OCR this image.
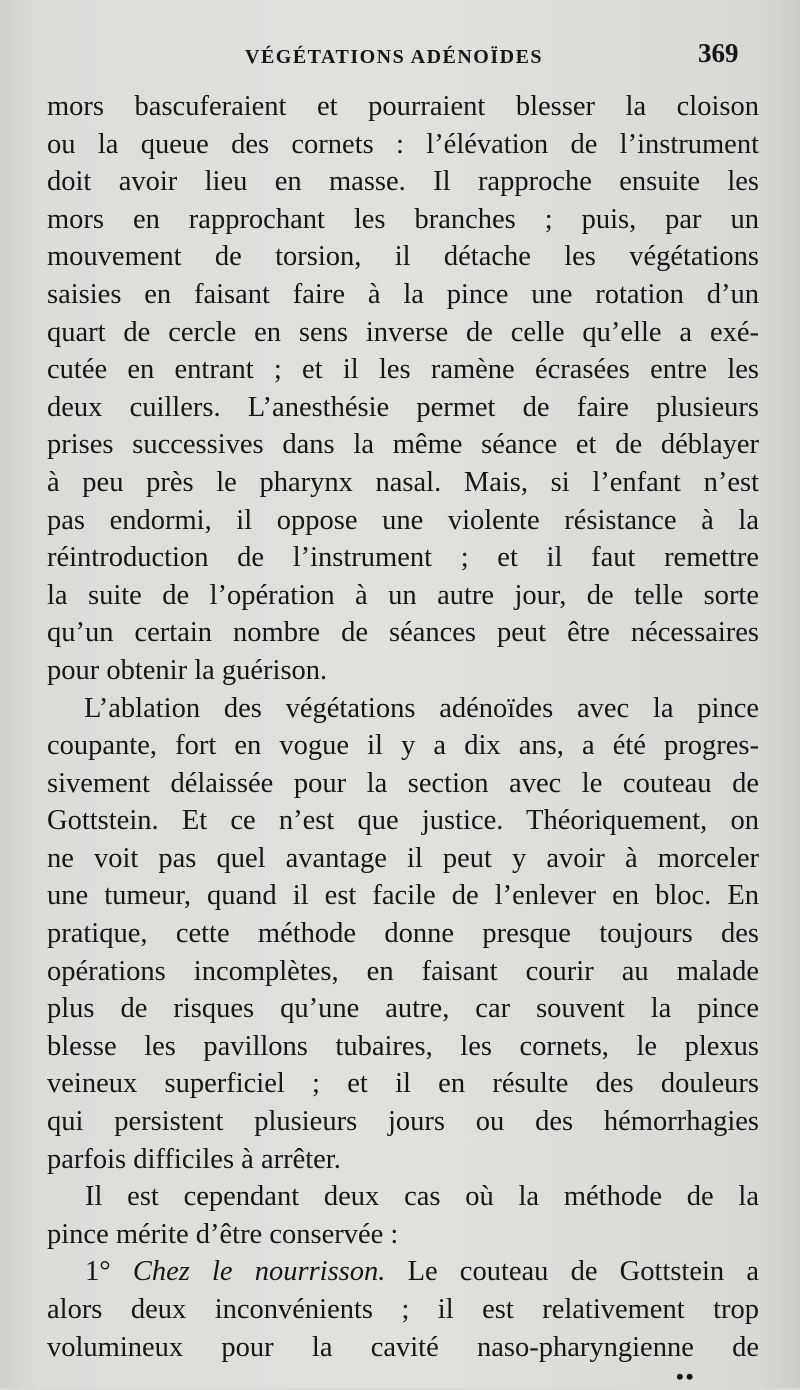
VÉGÉTATIONS ADÉNOÏDES	369
mors bascuferaient et pourraient blesser la cloison
ou la queue des cornets : l’élévation de l’instrument
doit avoir lieu en masse. Il rapproche ensuite les
mors en rapprochant les branches ; puis, par un
mouvement de torsion, il détache les végétations
saisies en faisant faire à la pince une rotation d’un
quart de cercle en sens inverse de celle qu’elle a exé-
cutée en entrant ; et il les ramène écrasées entre les
deux cuillers. L’anesthésie permet de faire plusieurs
prises successives dans la même séance et de déblayer
à peu près le pharynx nasal. Mais, si l’enfant n’est
pas endormi, il oppose une violente résistance à la
réintroduction de l’instrument ; et il faut remettre
la suite de l’opération à un autre jour, de telle sorte
qu’un certain nombre de séances peut être nécessaires
pour obtenir la guérison.
L’ablation des végétations adénoïdes avec la pince
coupante, fort en vogue il y a dix ans, a été progres-
sivement délaissée pour la section avec le couteau de
Gottstein. Et ce n’est que justice. Théoriquement, on
ne voit pas quel avantage il peut y avoir à morceler
une tumeur, quand il est facile de l’enlever en bloc. En
pratique, cette méthode donne presque toujours des
opérations incomplètes, en faisant courir au malade
plus de risques qu’une autre, car souvent la pince
blesse les pavillons tubaires, les cornets, le plexus
veineux superficiel ; et il en résulte des douleurs
qui persistent plusieurs jours ou des hémorrhagies
parfois difficiles à arrêter.
Il est cependant deux cas où la méthode de la
pince mérite d’être conservée :
1° Chez le nourrisson. Le couteau de Gottstein a
alors deux inconvénients ; il est relativement trop
volumineux pour la cavité naso-pharyngienne de
••
